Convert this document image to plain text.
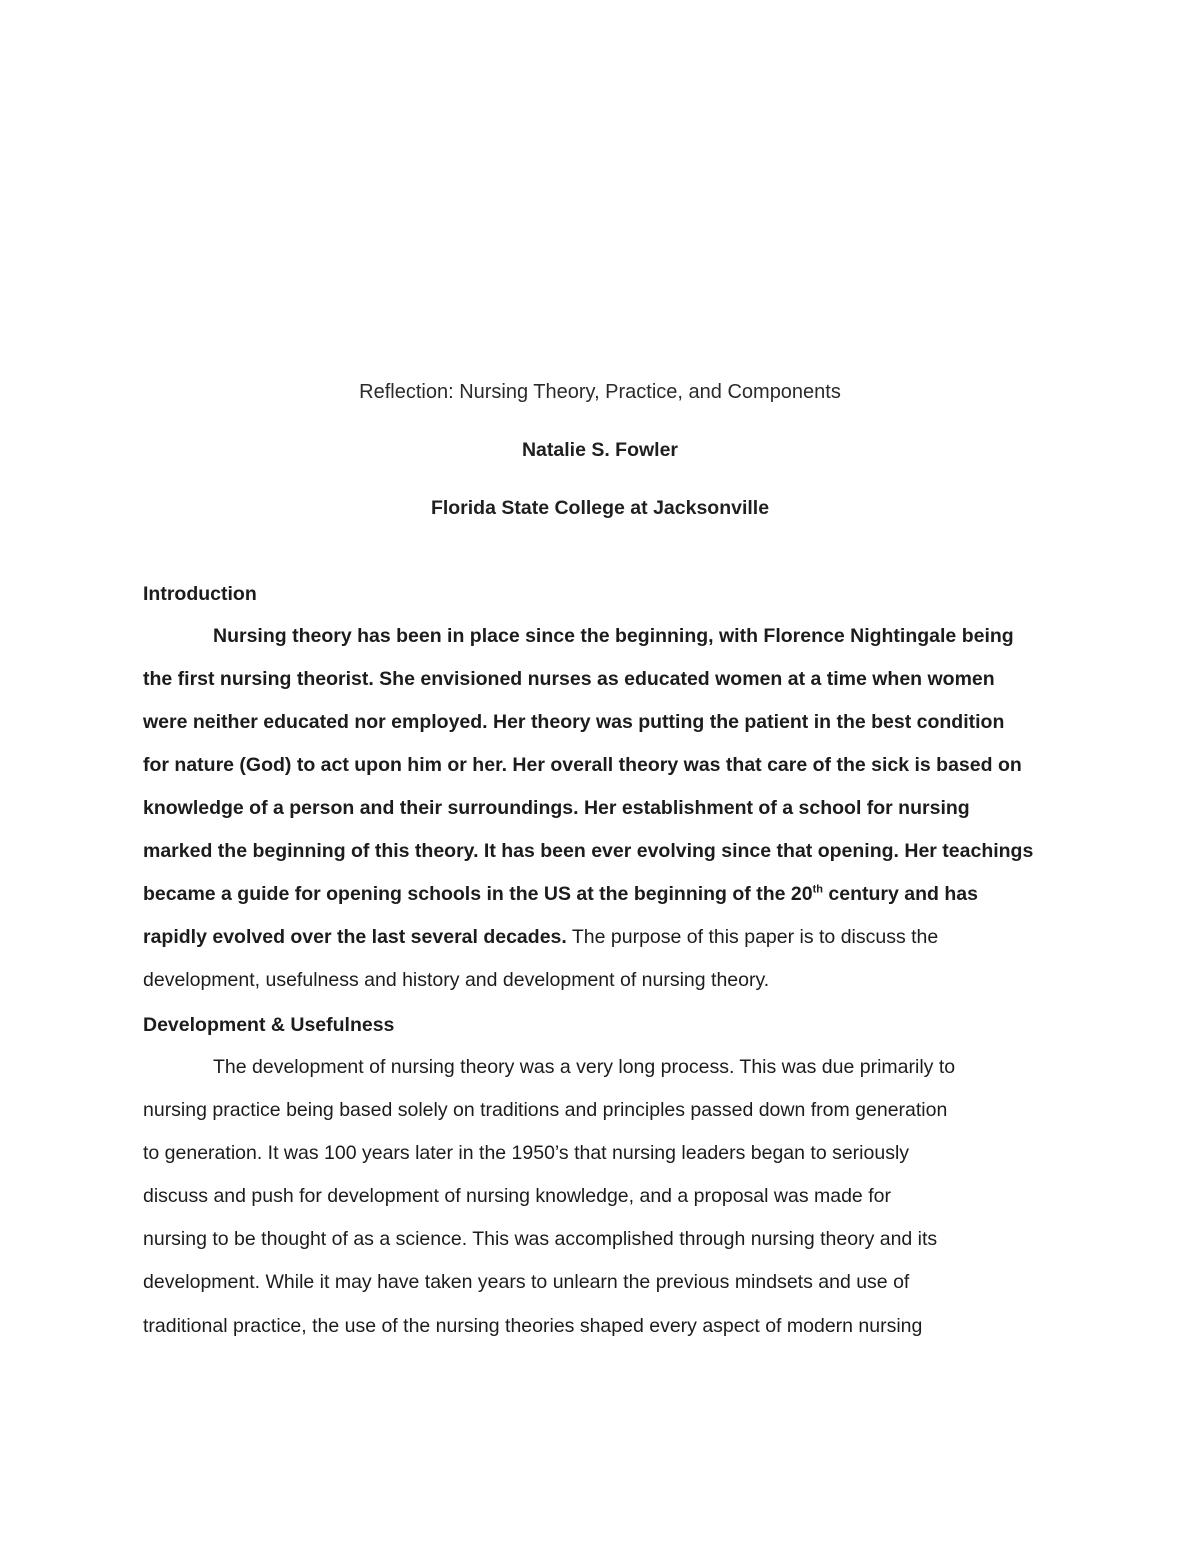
Reflection: Nursing Theory, Practice, and Components
Natalie S. Fowler
Florida State College at Jacksonville
Introduction
Nursing theory has been in place since the beginning, with Florence Nightingale being
the first nursing theorist. She envisioned nurses as educated women at a time when women
were neither educated nor employed. Her theory was putting the patient in the best condition
for nature (God) to act upon him or her. Her overall theory was that care of the sick is based on
knowledge of a person and their surroundings. Her establishment of a school for nursing
marked the beginning of this theory. It has been ever evolving since that opening. Her teachings
became a guide for opening schools in the US at the beginning of the 20th century and has
rapidly evolved over the last several decades. The purpose of this paper is to discuss the
development, usefulness and history and development of nursing theory.
Development & Usefulness
The development of nursing theory was a very long process. This was due primarily to
nursing practice being based solely on traditions and principles passed down from generation
to generation. It was 100 years later in the 1950’s that nursing leaders began to seriously
discuss and push for development of nursing knowledge, and a proposal was made for
nursing to be thought of as a science. This was accomplished through nursing theory and its
development. While it may have taken years to unlearn the previous mindsets and use of
traditional practice, the use of the nursing theories shaped every aspect of modern nursing
